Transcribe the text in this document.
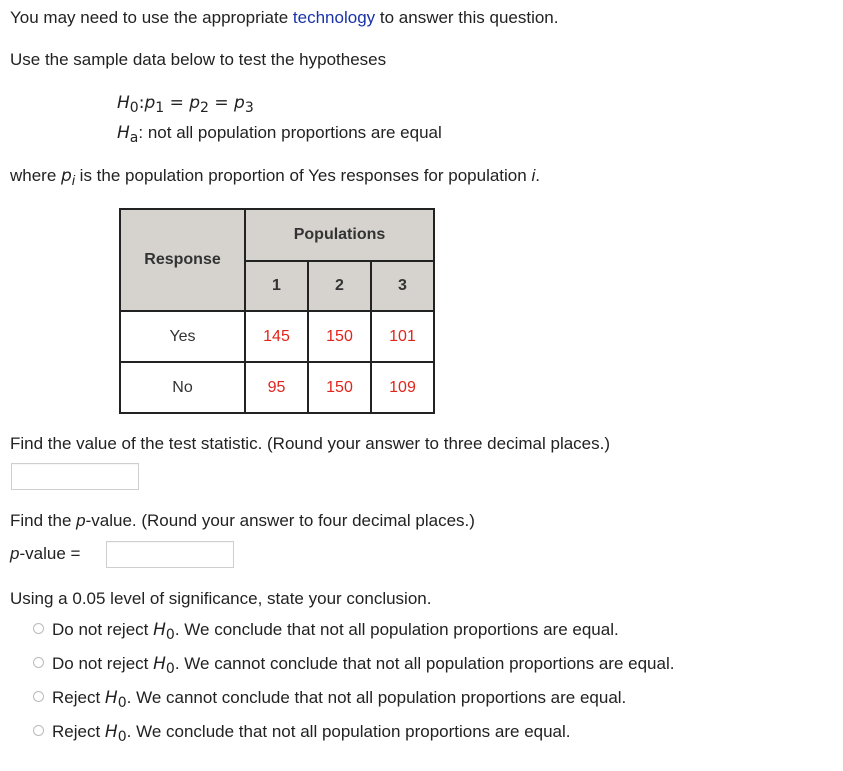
You may need to use the appropriate technology to answer this question.
Use the sample data below to test the hypotheses
$H_0:p_1 = p_2 = p_3$
$H_a$: not all population proportions are equal
where $p_i$ is the population proportion of Yes responses for population i.
Response	Populations		
	1	2	3
Yes	145	150	101
No	95	150	109
Find the value of the test statistic. (Round your answer to three decimal places.)
Find the p-value. (Round your answer to four decimal places.)
p-value =
Using a 0.05 level of significance, state your conclusion.
Do not reject $H_0$. We conclude that not all population proportions are equal.
Do not reject $H_0$. We cannot conclude that not all population proportions are equal.
Reject $H_0$. We cannot conclude that not all population proportions are equal.
Reject $H_0$. We conclude that not all population proportions are equal.
